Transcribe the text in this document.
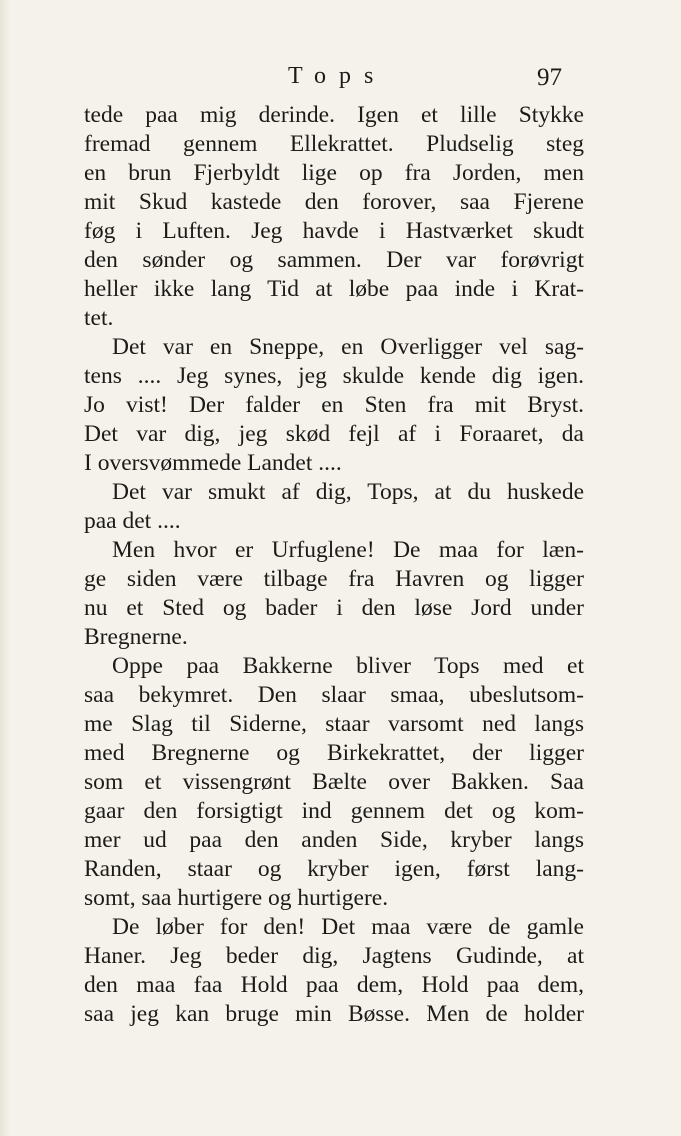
Tops	97
tede paa mig derinde. Igen et lille Stykke
fremad gennem Ellekrattet. Pludselig steg
en brun Fjerbyldt lige op fra Jorden, men
mit Skud kastede den forover, saa Fjerene
føg i Luften. Jeg havde i Hastværket skudt
den sønder og sammen. Der var forøvrigt
heller ikke lang Tid at løbe paa inde i Krat-
tet.
Det var en Sneppe, en Overligger vel sag-
tens .... Jeg synes, jeg skulde kende dig igen.
Jo vist! Der falder en Sten fra mit Bryst.
Det var dig, jeg skød fejl af i Foraaret, da
I oversvømmede Landet ....
Det var smukt af dig, Tops, at du huskede
paa det ....
Men hvor er Urfuglene! De maa for læn-
ge siden være tilbage fra Havren og ligger
nu et Sted og bader i den løse Jord under
Bregnerne.
Oppe paa Bakkerne bliver Tops med et
saa bekymret. Den slaar smaa, ubeslutsom-
me Slag til Siderne, staar varsomt ned langs
med Bregnerne og Birkekrattet, der ligger
som et vissengrønt Bælte over Bakken. Saa
gaar den forsigtigt ind gennem det og kom-
mer ud paa den anden Side, kryber langs
Randen, staar og kryber igen, først lang-
somt, saa hurtigere og hurtigere.
De løber for den! Det maa være de gamle
Haner. Jeg beder dig, Jagtens Gudinde, at
den maa faa Hold paa dem, Hold paa dem,
saa jeg kan bruge min Bøsse. Men de holder
